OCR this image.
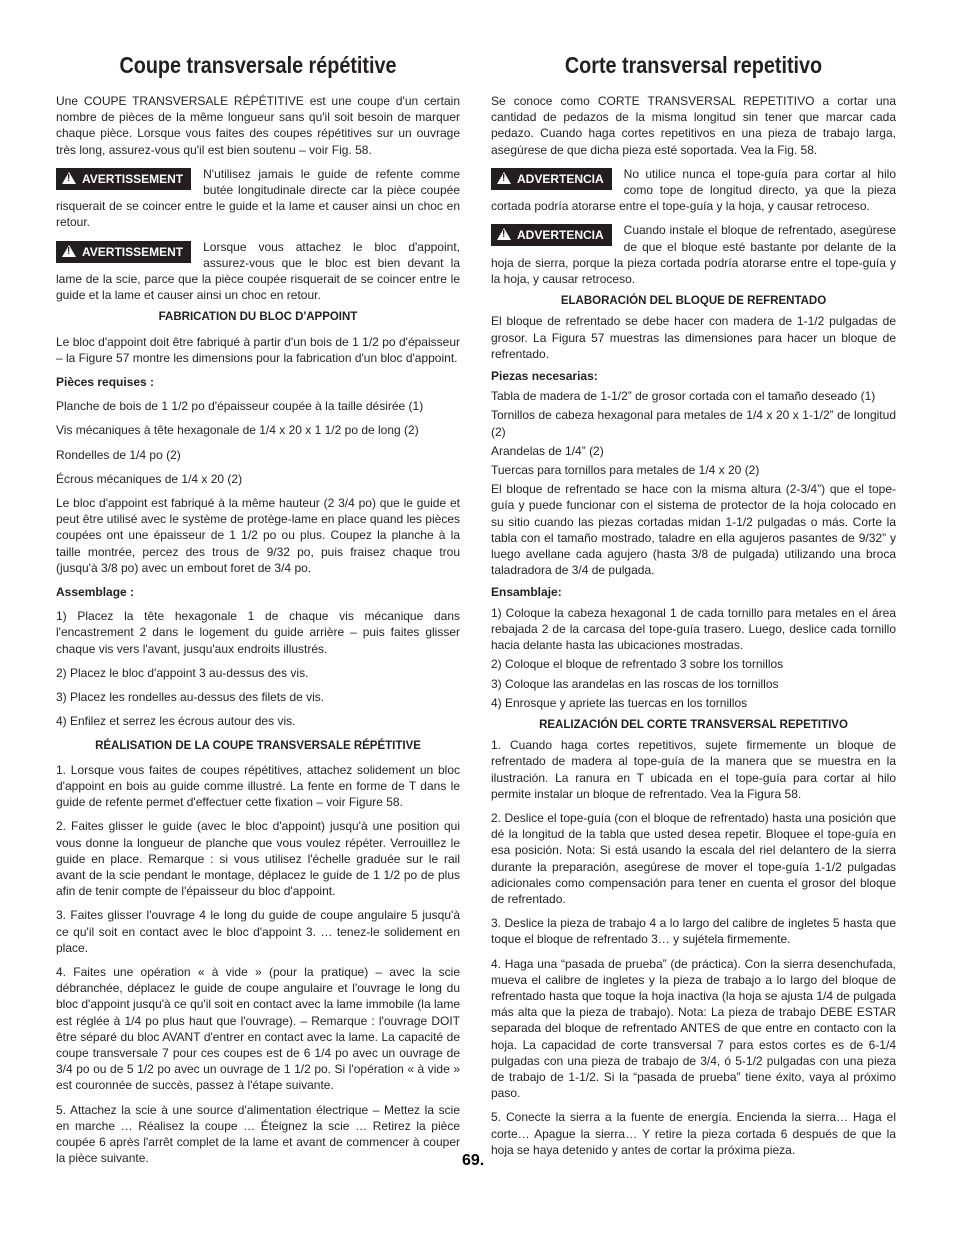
Coupe transversale répétitive

Une COUPE TRANSVERSALE RÉPÉTITIVE est une coupe d'un certain nombre de pièces de la même longueur sans qu'il soit besoin de marquer chaque pièce. Lorsque vous faites des coupes répétitives sur un ouvrage très long, assurez-vous qu'il est bien soutenu – voir Fig. 58.

! AVERTISSEMENT	N'utilisez jamais le guide de refente comme butée longitudinale directe car la pièce coupée risquerait de se coincer entre le guide et la lame et causer ainsi un choc en retour.

! AVERTISSEMENT	Lorsque vous attachez le bloc d'appoint, assurez-vous que le bloc est bien devant la lame de la scie, parce que la pièce coupée risquerait de se coincer entre le guide et la lame et causer ainsi un choc en retour.

FABRICATION DU BLOC D'APPOINT

Le bloc d'appoint doit être fabriqué à partir d'un bois de 1 1/2 po d'épaisseur – la Figure 57 montre les dimensions pour la fabrication d'un bloc d'appoint.

Pièces requises :

Planche de bois de 1 1/2 po d'épaisseur coupée à la taille désirée (1)

Vis mécaniques à tête hexagonale de 1/4 x 20 x 1 1/2 po de long (2)

Rondelles de 1/4 po (2)

Écrous mécaniques de 1/4 x 20 (2)

Le bloc d'appoint est fabriqué à la même hauteur (2 3/4 po) que le guide et peut être utilisé avec le système de protège-lame en place quand les pièces coupées ont une épaisseur de 1 1/2 po ou plus. Coupez la planche à la taille montrée, percez des trous de 9/32 po, puis fraisez chaque trou (jusqu'à 3/8 po) avec un embout foret de 3/4 po.

Assemblage :

1) Placez la tête hexagonale 1 de chaque vis mécanique dans l'encastrement 2 dans le logement du guide arrière – puis faites glisser chaque vis vers l'avant, jusqu'aux endroits illustrés.

2) Placez le bloc d'appoint 3 au-dessus des vis.

3) Placez les rondelles au-dessus des filets de vis.

4) Enfilez et serrez les écrous autour des vis.

RÉALISATION DE LA COUPE TRANSVERSALE RÉPÉTITIVE

1. Lorsque vous faites de coupes répétitives, attachez solidement un bloc d'appoint en bois au guide comme illustré. La fente en forme de T dans le guide de refente permet d'effectuer cette fixation – voir Figure 58.

2. Faites glisser le guide (avec le bloc d'appoint) jusqu'à une position qui vous donne la longueur de planche que vous voulez répéter. Verrouillez le guide en place. Remarque : si vous utilisez l'échelle graduée sur le rail avant de la scie pendant le montage, déplacez le guide de 1 1/2 po de plus afin de tenir compte de l'épaisseur du bloc d'appoint.

3. Faites glisser l'ouvrage 4 le long du guide de coupe angulaire 5 jusqu'à ce qu'il soit en contact avec le bloc d'appoint 3. … tenez-le solidement en place.

4. Faites une opération « à vide » (pour la pratique) – avec la scie débranchée, déplacez le guide de coupe angulaire et l'ouvrage le long du bloc d'appoint jusqu'à ce qu'il soit en contact avec la lame immobile (la lame est réglée à 1/4 po plus haut que l'ouvrage). – Remarque : l'ouvrage DOIT être séparé du bloc AVANT d'entrer en contact avec la lame. La capacité de coupe transversale 7 pour ces coupes est de 6 1/4 po avec un ouvrage de 3/4 po ou de 5 1/2 po avec un ouvrage de 1 1/2 po. Si l'opération « à vide » est couronnée de succès, passez à l'étape suivante.

5. Attachez la scie à une source d'alimentation électrique – Mettez la scie en marche … Réalisez la coupe … Éteignez la scie … Retirez la pièce coupée 6 après l'arrêt complet de la lame et avant de commencer à couper la pièce suivante.

Corte transversal repetitivo

Se conoce como CORTE TRANSVERSAL REPETITIVO a cortar una cantidad de pedazos de la misma longitud sin tener que marcar cada pedazo. Cuando haga cortes repetitivos en una pieza de trabajo larga, asegúrese de que dicha pieza esté soportada. Vea la Fig. 58.

! ADVERTENCIA	No utilice nunca el tope-guía para cortar al hilo como tope de longitud directo, ya que la pieza cortada podría atorarse entre el tope-guía y la hoja, y causar retroceso.

! ADVERTENCIA	Cuando instale el bloque de refrentado, asegúrese de que el bloque esté bastante por delante de la hoja de sierra, porque la pieza cortada podría atorarse entre el tope-guía y la hoja, y causar retroceso.

ELABORACIÓN DEL BLOQUE DE REFRENTADO

El bloque de refrentado se debe hacer con madera de 1-1/2 pulgadas de grosor. La Figura 57 muestras las dimensiones para hacer un bloque de refrentado.

Piezas necesarias:

Tabla de madera de 1-1/2” de grosor cortada con el tamaño deseado (1)

Tornillos de cabeza hexagonal para metales de 1/4 x 20 x 1-1/2” de longitud (2)

Arandelas de 1/4” (2)

Tuercas para tornillos para metales de 1/4 x 20 (2)

El bloque de refrentado se hace con la misma altura (2-3/4”) que el tope-guía y puede funcionar con el sistema de protector de la hoja colocado en su sitio cuando las piezas cortadas midan 1-1/2 pulgadas o más. Corte la tabla con el tamaño mostrado, taladre en ella agujeros pasantes de 9/32” y luego avellane cada agujero (hasta 3/8 de pulgada) utilizando una broca taladradora de 3/4 de pulgada.

Ensamblaje:

1) Coloque la cabeza hexagonal 1 de cada tornillo para metales en el área rebajada 2 de la carcasa del tope-guía trasero. Luego, deslice cada tornillo hacia delante hasta las ubicaciones mostradas.

2) Coloque el bloque de refrentado 3 sobre los tornillos

3) Coloque las arandelas en las roscas de los tornillos

4) Enrosque y apriete las tuercas en los tornillos

REALIZACIÓN DEL CORTE TRANSVERSAL REPETITIVO

1. Cuando haga cortes repetitivos, sujete firmemente un bloque de refrentado de madera al tope-guía de la manera que se muestra en la ilustración. La ranura en T ubicada en el tope-guía para cortar al hilo permite instalar un bloque de refrentado. Vea la Figura 58.

2. Deslice el tope-guía (con el bloque de refrentado) hasta una posición que dé la longitud de la tabla que usted desea repetir. Bloquee el tope-guía en esa posición. Nota: Si está usando la escala del riel delantero de la sierra durante la preparación, asegúrese de mover el tope-guía 1-1/2 pulgadas adicionales como compensación para tener en cuenta el grosor del bloque de refrentado.

3. Deslice la pieza de trabajo 4 a lo largo del calibre de ingletes 5 hasta que toque el bloque de refrentado 3… y sujétela firmemente.

4. Haga una “pasada de prueba” (de práctica). Con la sierra desenchufada, mueva el calibre de ingletes y la pieza de trabajo a lo largo del bloque de refrentado hasta que toque la hoja inactiva (la hoja se ajusta 1/4 de pulgada más alta que la pieza de trabajo). Nota: La pieza de trabajo DEBE ESTAR separada del bloque de refrentado ANTES de que entre en contacto con la hoja. La capacidad de corte transversal 7 para estos cortes es de 6-1/4 pulgadas con una pieza de trabajo de 3/4, ó 5-1/2 pulgadas con una pieza de trabajo de 1-1/2. Si la “pasada de prueba” tiene éxito, vaya al próximo paso.

5. Conecte la sierra a la fuente de energía. Encienda la sierra… Haga el corte… Apague la sierra… Y retire la pieza cortada 6 después de que la hoja se haya detenido y antes de cortar la próxima pieza.

69.
